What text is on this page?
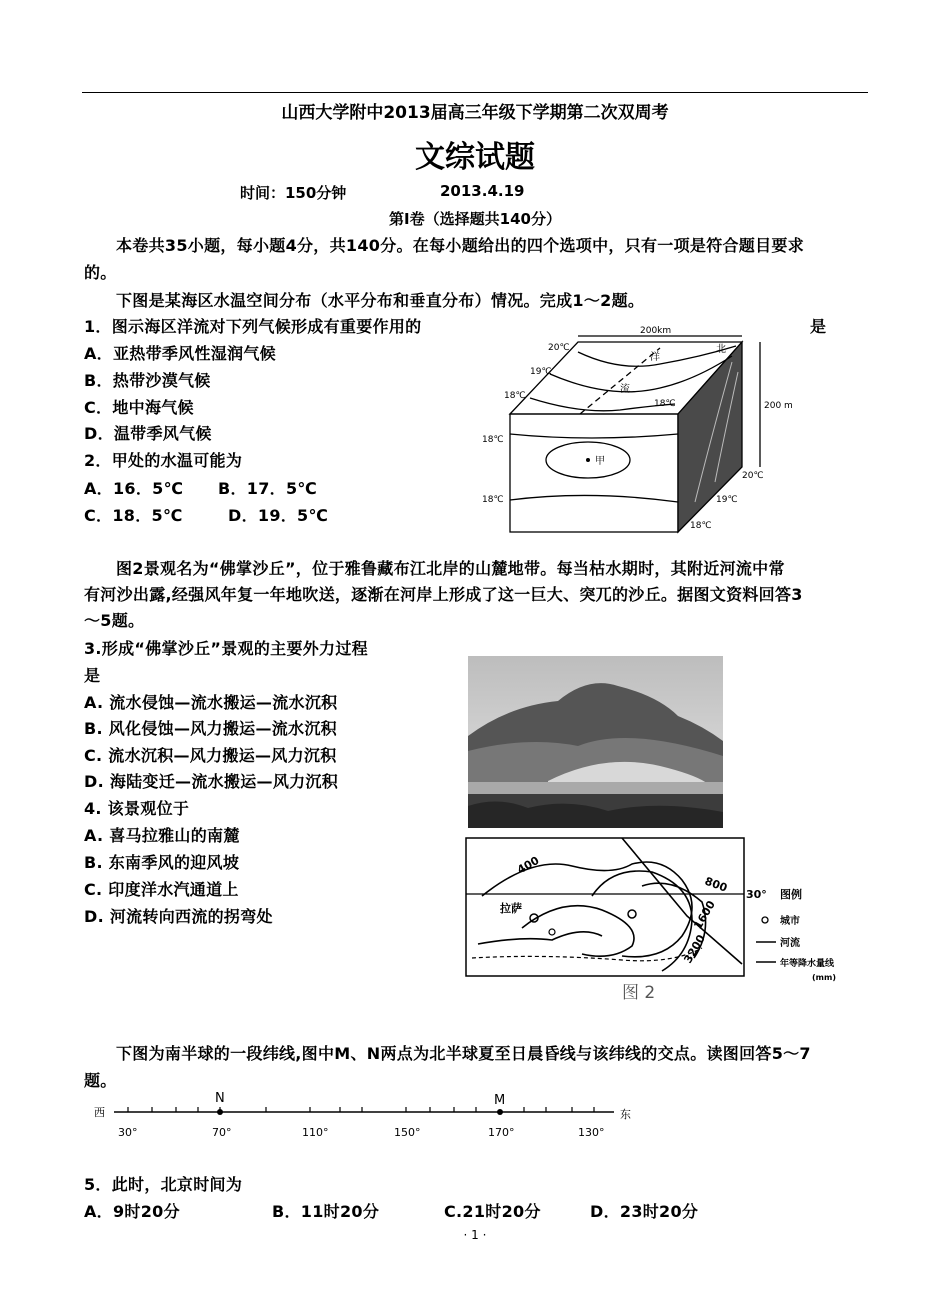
山西大学附中2013届高三年级下学期第二次双周考
文综试题
时间：150分钟	2013.4.19
第Ⅰ卷（选择题共140分）
本卷共35小题，每小题4分，共140分。在每小题给出的四个选项中，只有一项是符合题目要求
的。
下图是某海区水温空间分布（水平分布和垂直分布）情况。完成1～2题。
1．图示海区洋流对下列气候形成有重要作用的	是
A．亚热带季风性湿润气候
B．热带沙漠气候
C．地中海气候
D．温带季风气候
2．甲处的水温可能为
A．16．5℃ B．17．5℃
C．18．5℃	D．19．5℃
200km
200 m
洋
流
北
甲
20℃
19℃
18℃
18℃
18℃
18℃
20℃
19℃
18℃
图2景观名为“佛掌沙丘”，位于雅鲁藏布江北岸的山麓地带。每当枯水期时，其附近河流中常
有河沙出露,经强风年复一年地吹送，逐渐在河岸上形成了这一巨大、突兀的沙丘。据图文资料回答3
～5题。
3.形成“佛掌沙丘”景观的主要外力过程
是
A. 流水侵蚀—流水搬运—流水沉积
B. 风化侵蚀—风力搬运—流水沉积
C. 流水沉积—风力搬运—风力沉积
D. 海陆变迁—流水搬运—风力沉积
4. 该景观位于
A. 喜马拉雅山的南麓
B. 东南季风的迎风坡
C. 印度洋水汽通道上
D. 河流转向西流的拐弯处	拉萨
400
800
1600
3200
30° 图例
城市
河流
年等降水量线
(mm)
图 2
下图为南半球的一段纬线,图中M、N两点为北半球夏至日晨昏线与该纬线的交点。读图回答5～7
题。
西	东
N	M
30°	70°	110°	150°	170°	130°
5．此时，北京时间为
A．9时20分	B．11时20分	C.21时20分	D．23时20分
· 1 ·
